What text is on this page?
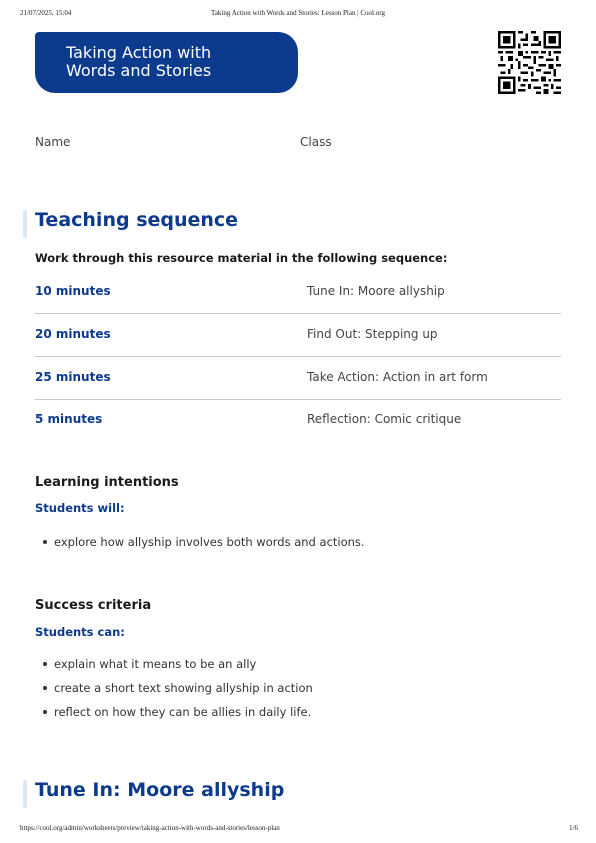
21/07/2025, 15:04	Taking Action with Words and Stories: Lesson Plan | Cool.org
Taking Action with
Words and Stories
Name	Class
Teaching sequence
Work through this resource material in the following sequence:
10 minutes	Tune In: Moore allyship
20 minutes	Find Out: Stepping up
25 minutes	Take Action: Action in art form
5 minutes	Reflection: Comic critique
Learning intentions
Students will:
explore how allyship involves both words and actions.
Success criteria
Students can:
explain what it means to be an ally
create a short text showing allyship in action
reflect on how they can be allies in daily life.
Tune In: Moore allyship
https://cool.org/admin/worksheets/preview/taking-action-with-words-and-stories/lesson-plan	1/6
